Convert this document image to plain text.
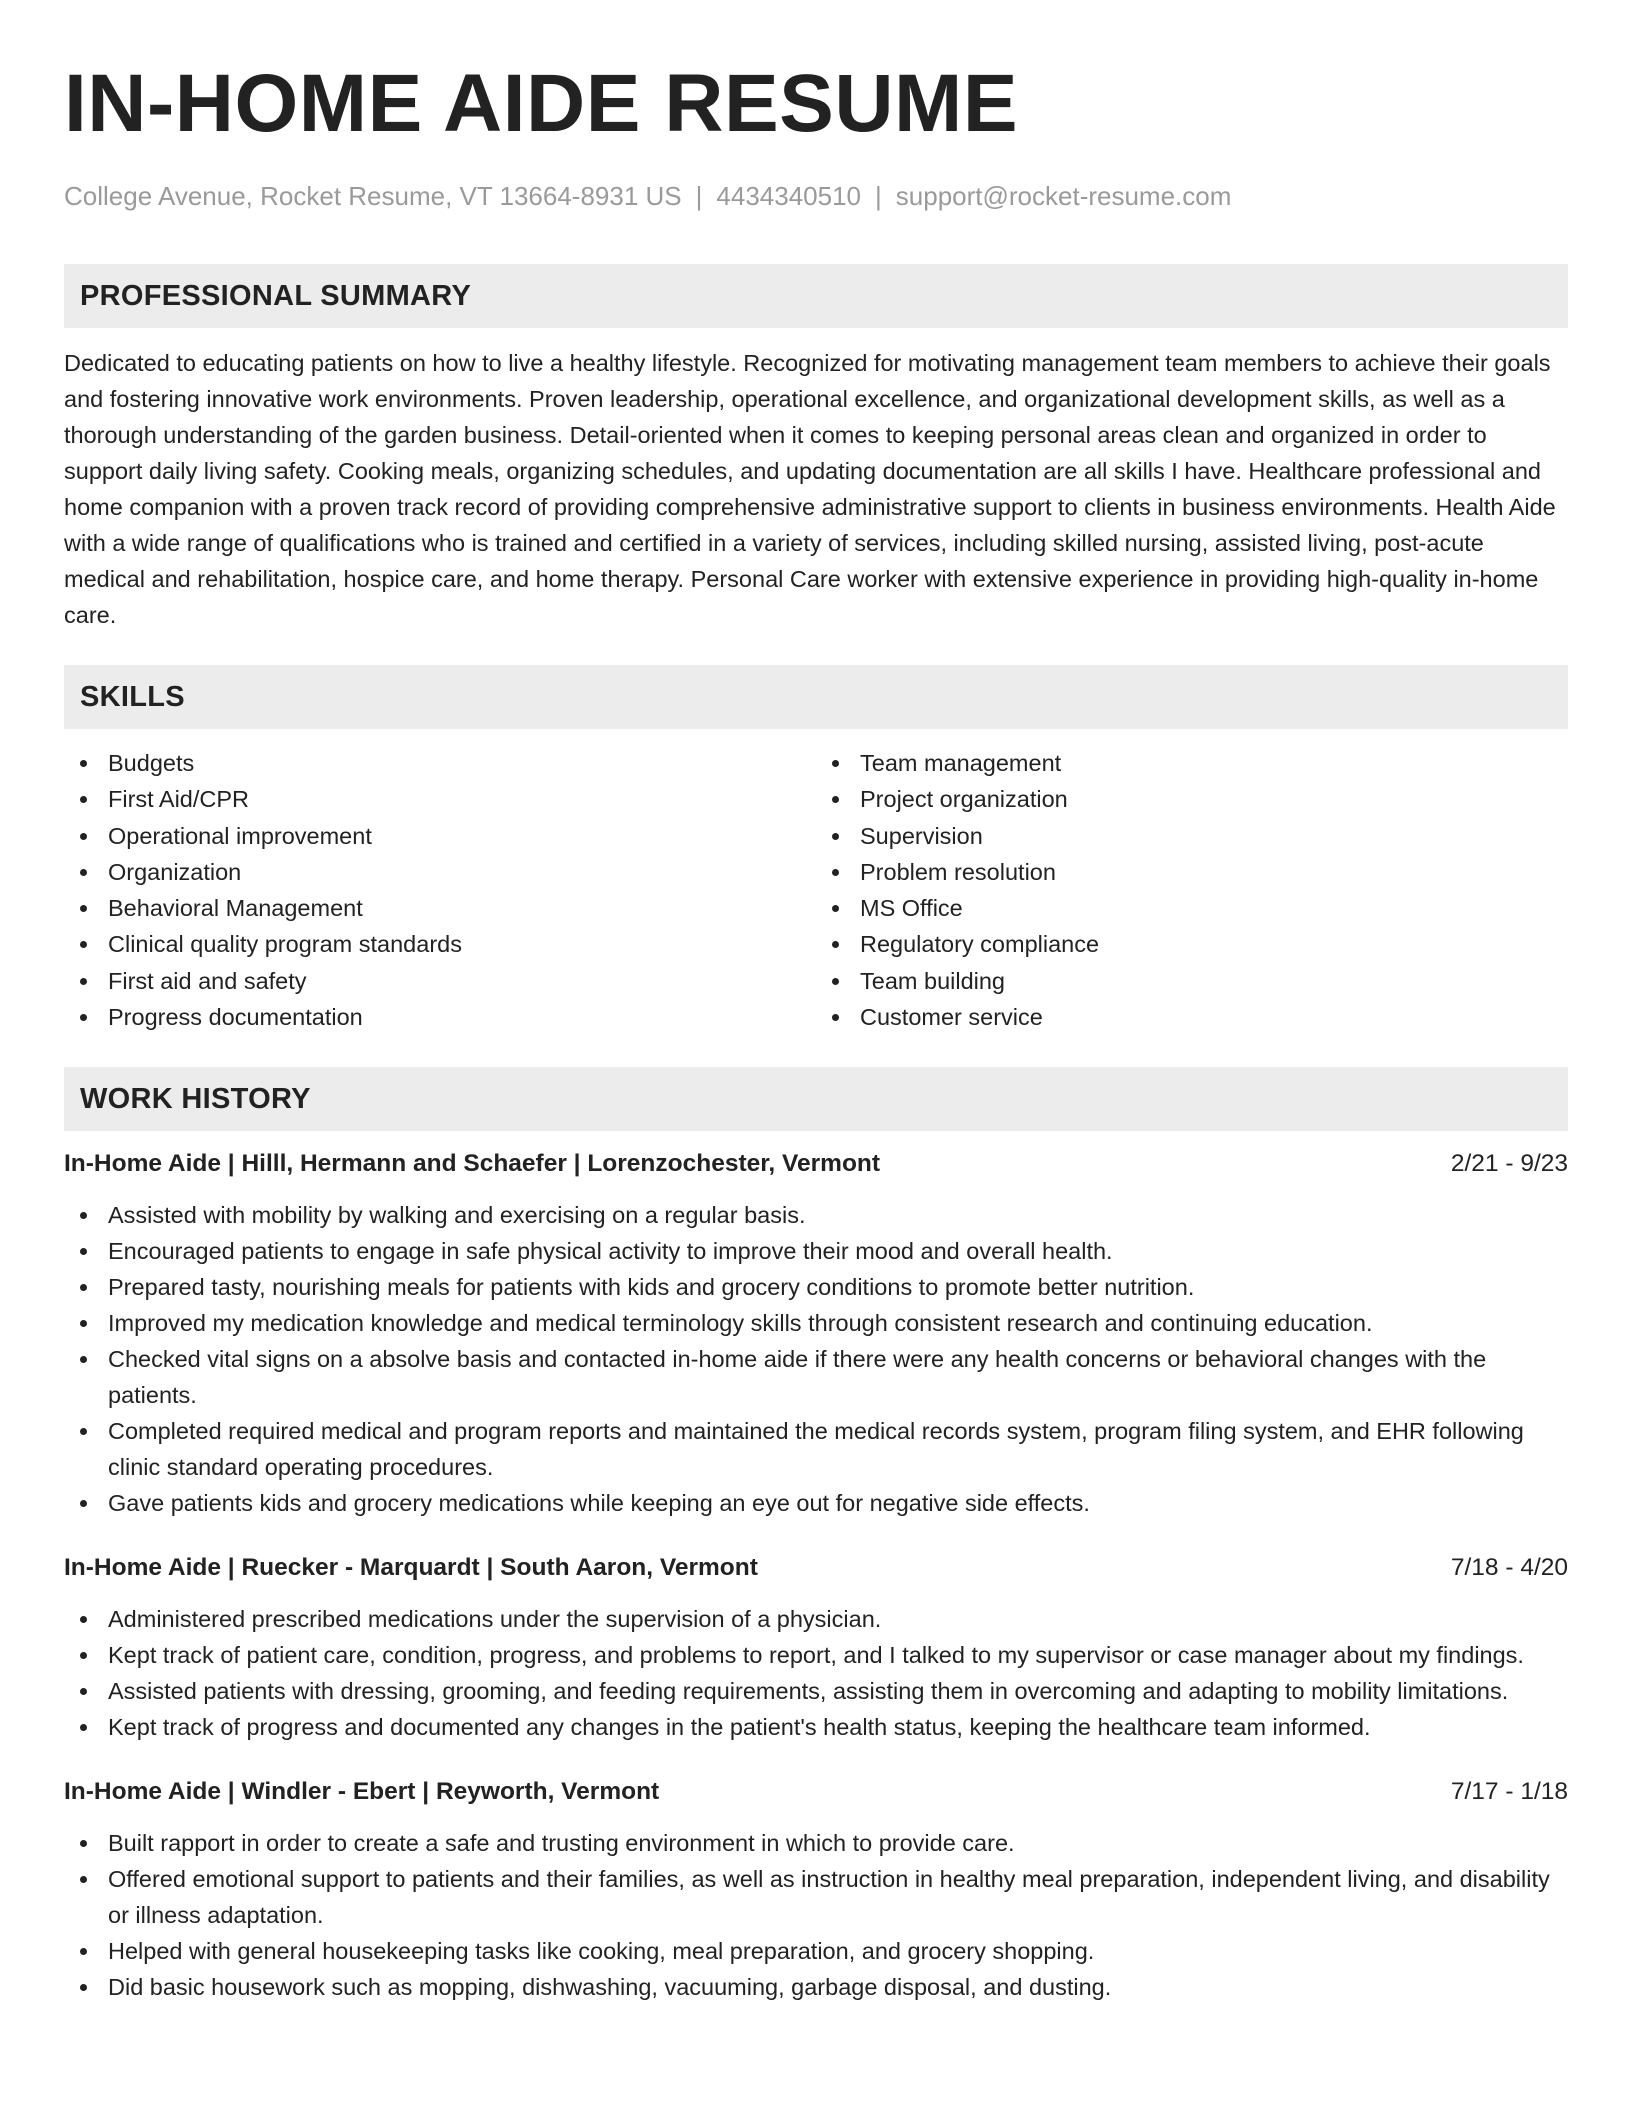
IN-HOME AIDE RESUME
College Avenue, Rocket Resume, VT 13664-8931 US | 4434340510 | support@rocket-resume.com
PROFESSIONAL SUMMARY

Dedicated to educating patients on how to live a healthy lifestyle. Recognized for motivating management team members to achieve their goals and fostering innovative work environments. Proven leadership, operational excellence, and organizational development skills, as well as a thorough understanding of the garden business. Detail-oriented when it comes to keeping personal areas clean and organized in order to support daily living safety. Cooking meals, organizing schedules, and updating documentation are all skills I have. Healthcare professional and home companion with a proven track record of providing comprehensive administrative support to clients in business environments. Health Aide with a wide range of qualifications who is trained and certified in a variety of services, including skilled nursing, assisted living, post-acute medical and rehabilitation, hospice care, and home therapy. Personal Care worker with extensive experience in providing high-quality in-home care.

SKILLS
Budgets
First Aid/CPR
Operational improvement
Organization
Behavioral Management
Clinical quality program standards
First aid and safety
Progress documentation
Team management
Project organization
Supervision
Problem resolution
MS Office
Regulatory compliance
Team building
Customer service
WORK HISTORY
In-Home Aide | Hilll, Hermann and Schaefer | Lorenzochester, Vermont	2/21 - 9/23
Assisted with mobility by walking and exercising on a regular basis.
Encouraged patients to engage in safe physical activity to improve their mood and overall health.
Prepared tasty, nourishing meals for patients with kids and grocery conditions to promote better nutrition.
Improved my medication knowledge and medical terminology skills through consistent research and continuing education.
Checked vital signs on a absolve basis and contacted in-home aide if there were any health concerns or behavioral changes with the patients.
Completed required medical and program reports and maintained the medical records system, program filing system, and EHR following clinic standard operating procedures.
Gave patients kids and grocery medications while keeping an eye out for negative side effects.
In-Home Aide | Ruecker - Marquardt | South Aaron, Vermont	7/18 - 4/20
Administered prescribed medications under the supervision of a physician.
Kept track of patient care, condition, progress, and problems to report, and I talked to my supervisor or case manager about my findings.
Assisted patients with dressing, grooming, and feeding requirements, assisting them in overcoming and adapting to mobility limitations.
Kept track of progress and documented any changes in the patient's health status, keeping the healthcare team informed.
In-Home Aide | Windler - Ebert | Reyworth, Vermont	7/17 - 1/18
Built rapport in order to create a safe and trusting environment in which to provide care.
Offered emotional support to patients and their families, as well as instruction in healthy meal preparation, independent living, and disability or illness adaptation.
Helped with general housekeeping tasks like cooking, meal preparation, and grocery shopping.
Did basic housework such as mopping, dishwashing, vacuuming, garbage disposal, and dusting.
